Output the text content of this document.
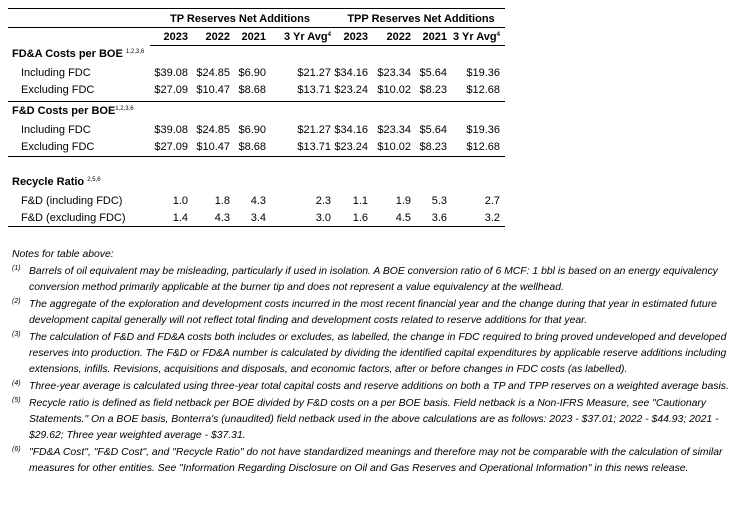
TP Reserves Net Additions	TPP Reserves Net Additions
2023	2022	2021	3 Yr Avg$^4$	2023	2022	2021 3 Yr Avg$^4$
FD&A Costs per BOE $^{1,2,3,6}$
Including FDC	$39.08 $24.85 $6.90	$21.27 $34.16 $23.34 $5.64	$19.36
Excluding FDC	$27.09 $10.47 $8.68	$13.71 $23.24 $10.02 $8.23	$12.68
F&D Costs per BOE$^{1,2,3,6}$
Including FDC	$39.08 $24.85 $6.90	$21.27 $34.16 $23.34 $5.64	$19.36
Excluding FDC	$27.09 $10.47 $8.68	$13.71 $23.24 $10.02 $8.23	$12.68
Recycle Ratio $^{2,5,6}$
F&D (including FDC)	1.0	1.8	4.3	2.3	1.1	1.9	5.3	2.7
F&D (excluding FDC)	1.4	4.3	3.4	3.0	1.6	4.5	3.6	3.2
Notes for table above:
(1) Barrels of oil equivalent may be misleading, particularly if used in isolation. A BOE conversion ratio of 6 MCF: 1 bbl is based on an energy equivalency conversion method primarily applicable at the burner tip and does not represent a value equivalency at the wellhead.
(2) The aggregate of the exploration and development costs incurred in the most recent financial year and the change during that year in estimated future development capital generally will not reflect total finding and development costs related to reserve additions for that year.
(3) The calculation of F&D and FD&A costs both includes or excludes, as labelled, the change in FDC required to bring proved undeveloped and developed reserves into production. The F&D or FD&A number is calculated by dividing the identified capital expenditures by applicable reserve additions including extensions, infills. Revisions, acquisitions and disposals, and economic factors, after or before changes in FDC costs (as labelled).
(4) Three-year average is calculated using three-year total capital costs and reserve additions on both a TP and TPP reserves on a weighted average basis.
(5) Recycle ratio is defined as field netback per BOE divided by F&D costs on a per BOE basis. Field netback is a Non-IFRS Measure, see "Cautionary Statements." On a BOE basis, Bonterra's (unaudited) field netback used in the above calculations are as follows: 2023 - $37.01; 2022 - $44.93; 2021 - $29.62; Three year weighted average - $37.31.
(6) "FD&A Cost", "F&D Cost", and "Recycle Ratio" do not have standardized meanings and therefore may not be comparable with the calculation of similar measures for other entities. See "Information Regarding Disclosure on Oil and Gas Reserves and Operational Information" in this news release.
